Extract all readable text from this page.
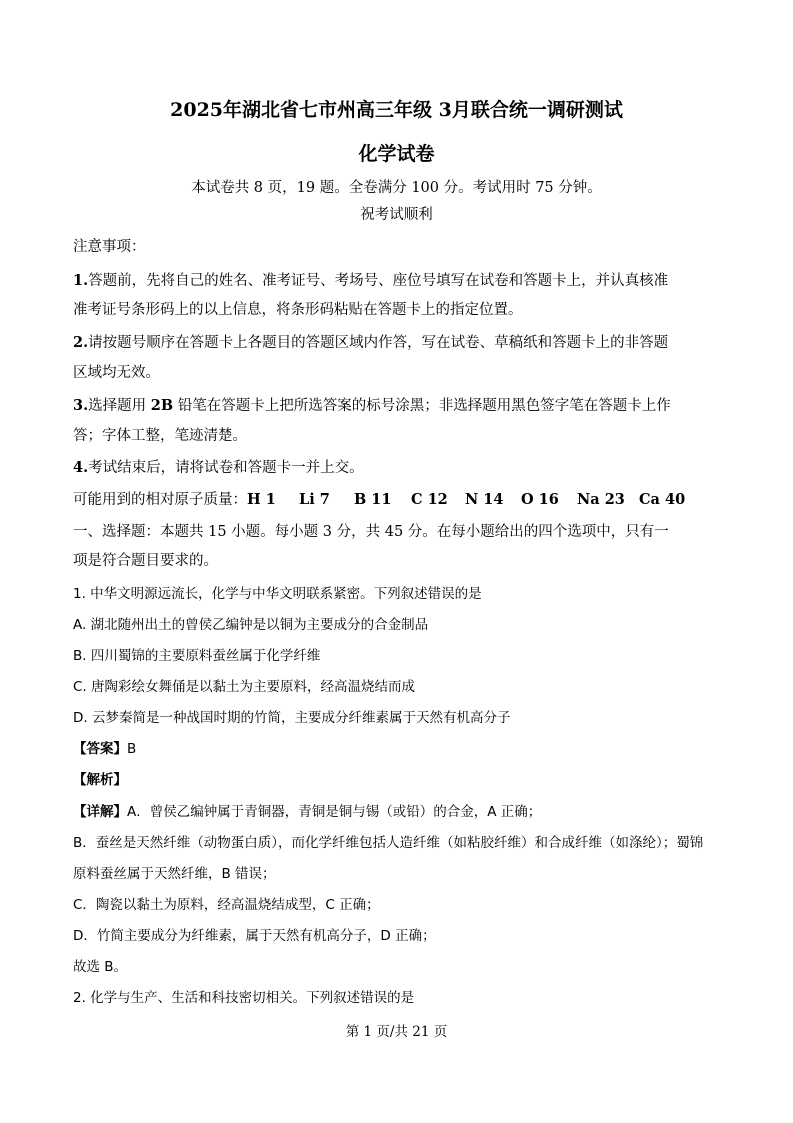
2025年湖北省七市州高三年级 3月联合统一调研测试
化学试卷
本试卷共 8 页，19 题。全卷满分 100 分。考试用时 75 分钟。
祝考试顺利
注意事项：
1.答题前，先将自己的姓名、准考证号、考场号、座位号填写在试卷和答题卡上，并认真核准
准考证号条形码上的以上信息，将条形码粘贴在答题卡上的指定位置。
2.请按题号顺序在答题卡上各题目的答题区域内作答，写在试卷、草稿纸和答题卡上的非答题
区域均无效。
3.选择题用 2B 铅笔在答题卡上把所选答案的标号涂黑；非选择题用黑色签字笔在答题卡上作
答；字体工整，笔迹清楚。
4.考试结束后，请将试卷和答题卡一并上交。
可能用到的相对原子质量：H 1 Li 7 B 11 C 12 N 14 O 16 Na 23 Ca 40
一、选择题：本题共 15 小题。每小题 3 分，共 45 分。在每小题给出的四个选项中，只有一
项是符合题目要求的。
1. 中华文明源远流长，化学与中华文明联系紧密。下列叙述错误的是
A. 湖北随州出土的曾侯乙编钟是以铜为主要成分的合金制品
B. 四川蜀锦的主要原料蚕丝属于化学纤维
C. 唐陶彩绘女舞俑是以黏土为主要原料，经高温烧结而成
D. 云梦秦简是一种战国时期的竹简，主要成分纤维素属于天然有机高分子
【答案】B
【解析】
【详解】A．曾侯乙编钟属于青铜器，青铜是铜与锡（或铅）的合金，A 正确；
B．蚕丝是天然纤维（动物蛋白质），而化学纤维包括人造纤维（如粘胶纤维）和合成纤维（如涤纶）；蜀锦
原料蚕丝属于天然纤维，B 错误；
C．陶瓷以黏土为原料，经高温烧结成型，C 正确；
D．竹简主要成分为纤维素，属于天然有机高分子，D 正确；
故选 B。
2. 化学与生产、生活和科技密切相关。下列叙述错误的是
第 1 页/共 21 页
